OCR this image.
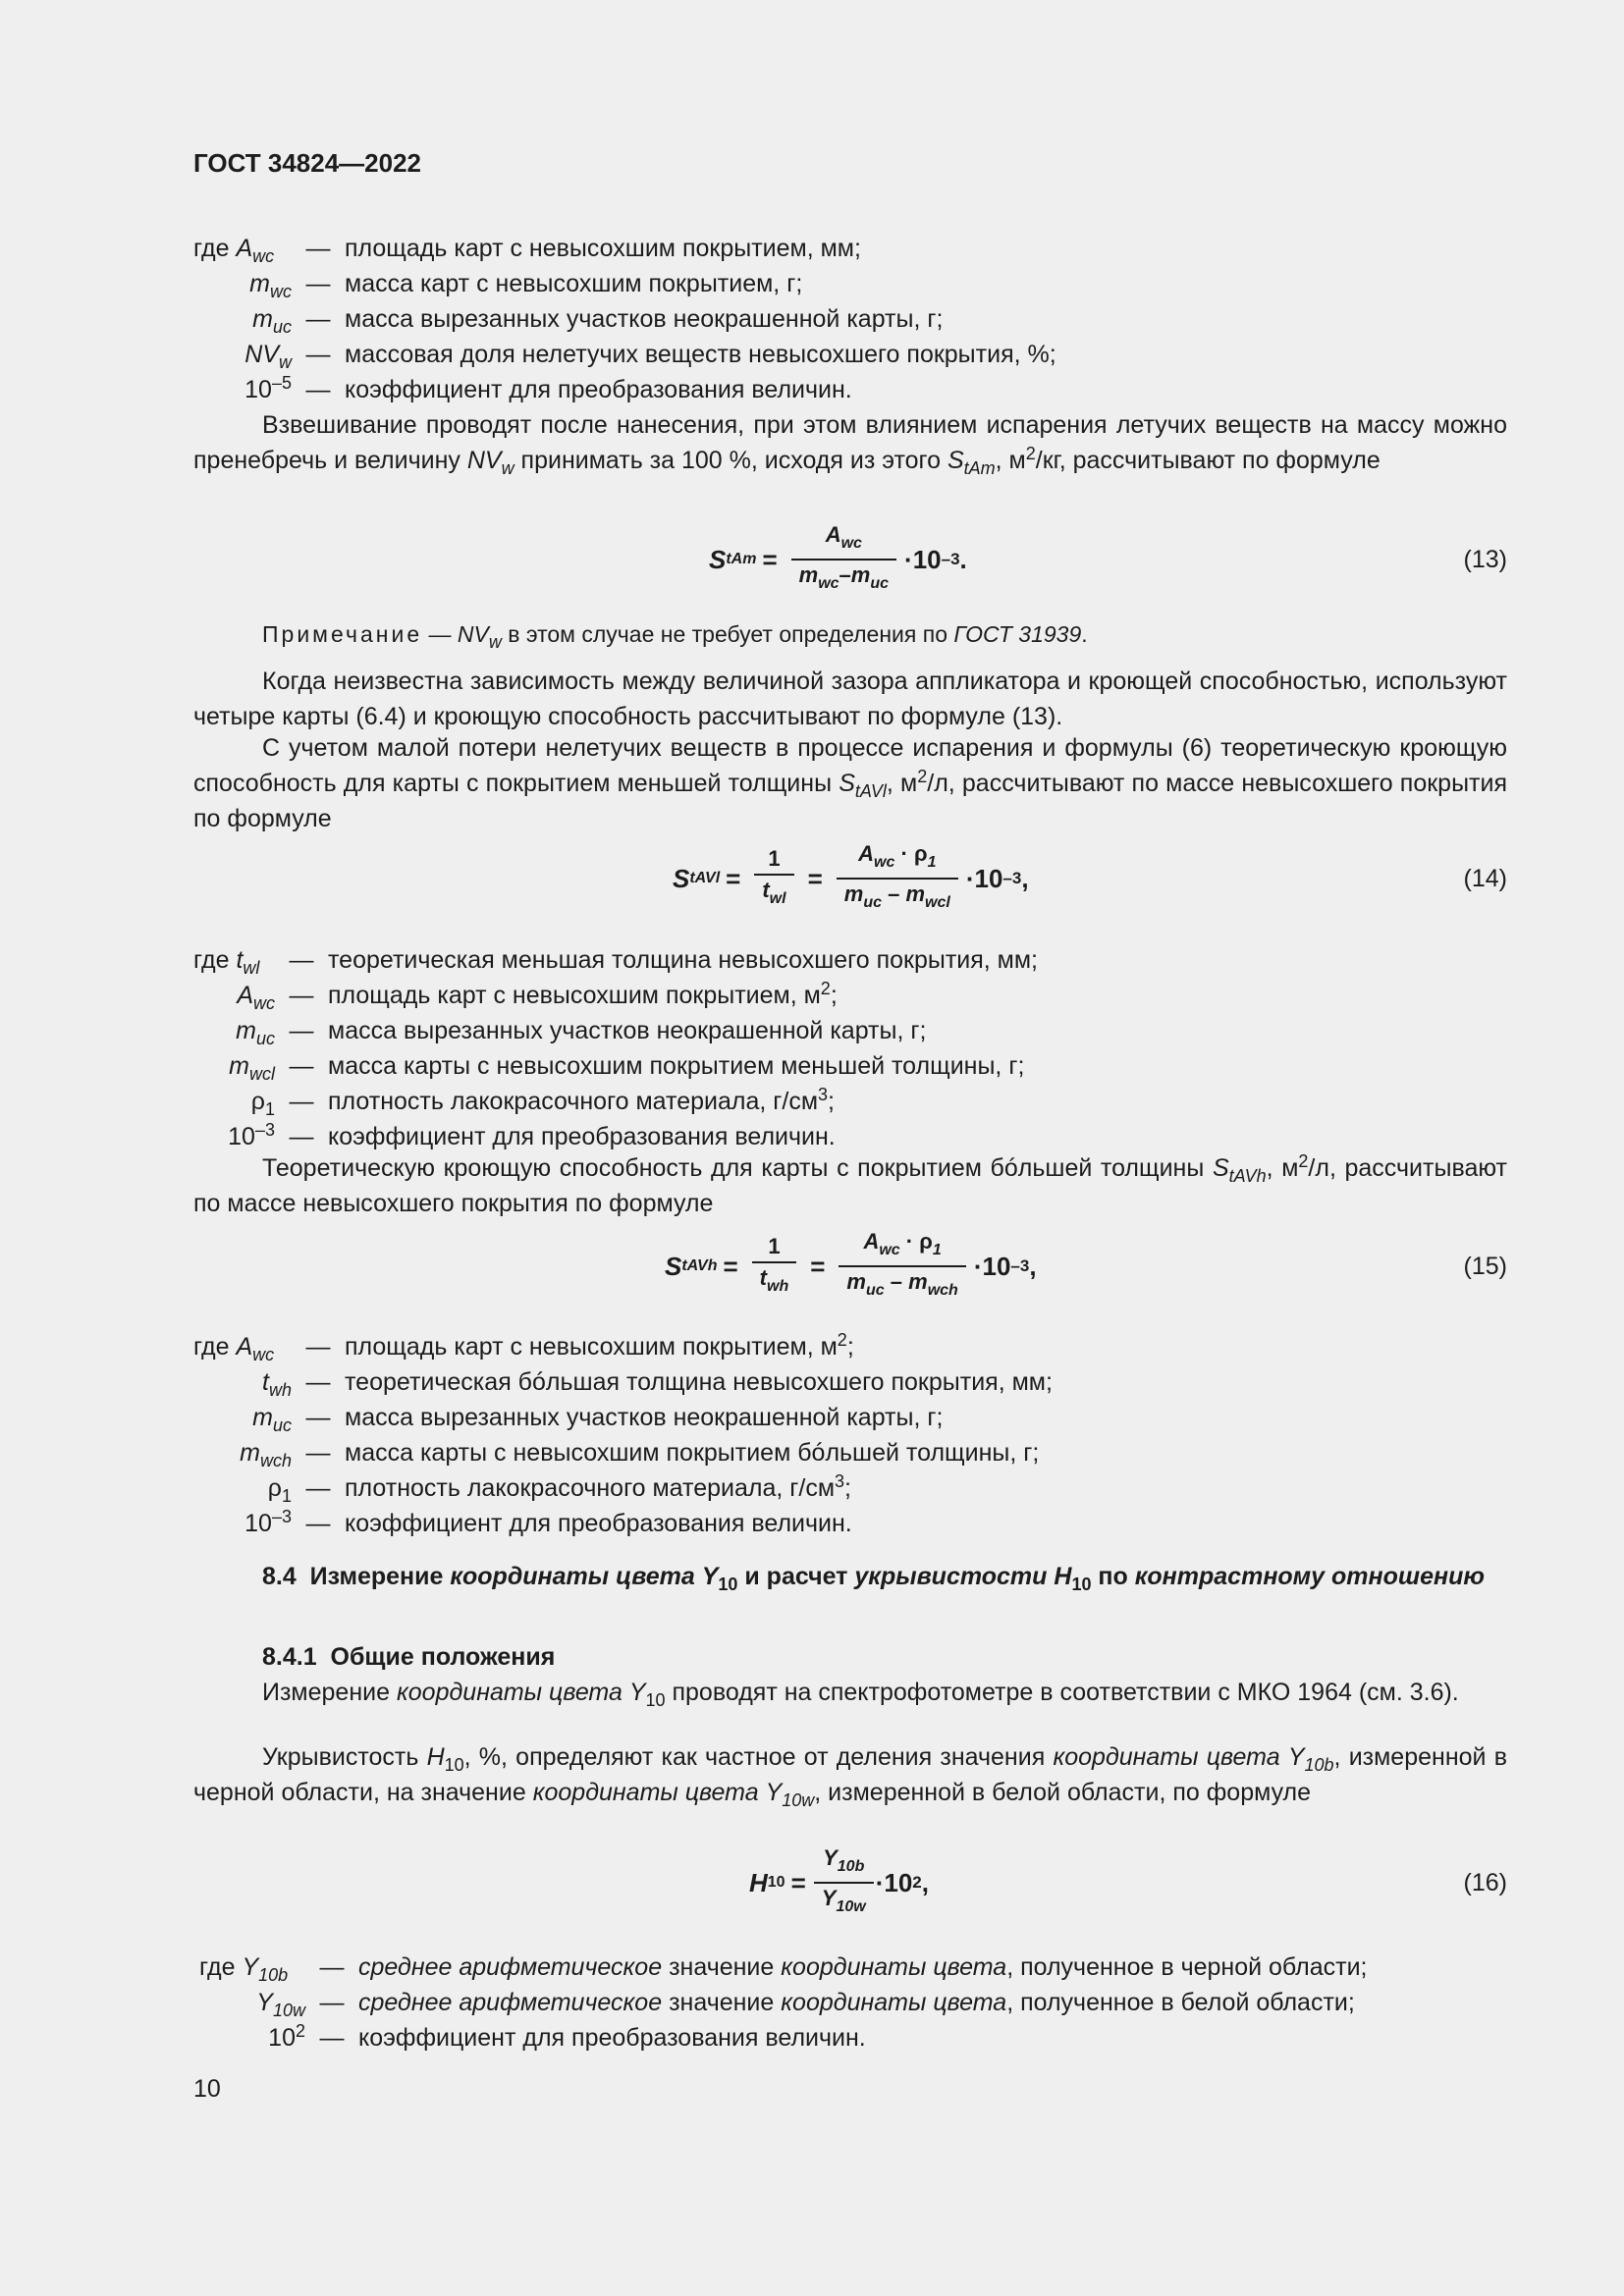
ГОСТ 34824—2022
где $A_{wc}$	— площадь карт с невысохшим покрытием, мм;
$m_{wc}$ — масса карт с невысохшим покрытием, г;
$m_{uc}$ — масса вырезанных участков неокрашенной карты, г;
$NV_w$ — массовая доля нелетучих веществ невысохшего покрытия, %;
$10^{-5}$ — коэффициент для преобразования величин.
Взвешивание проводят после нанесения, при этом влиянием испарения летучих веществ на массу можно пренебречь и величину $NV_w$ принимать за 100 %, исходя из этого $S_{tAm}$, $м^2/кг$, рассчитывают по формуле
S tAm = $\frac{A_{wc}}{m_{wc}-m_{uc}} \cdot 10$ –3 .	(13)
Примечание — $NV_w$ в этом случае не требует определения по ГОСТ 31939.
Когда неизвестна зависимость между величиной зазора аппликатора и кроющей способностью, используют четыре карты (6.4) и кроющую способность рассчитывают по формуле (13).
С учетом малой потери нелетучих веществ в процессе испарения и формулы (6) теоретическую кроющую способность для карты с покрытием меньшей толщины $S_{tAVl}$, $м^2/л$, рассчитывают по массе невысохшего покрытия по формуле
S tAVl = $\frac{1}{t_{wl}} = \frac{A_{wc} \cdot \rho_1}{m_{uc} - m_{wcl}} \cdot 10$ –3 ,	(14)
где $t_{wl}$	— теоретическая меньшая толщина невысохшего покрытия, мм;
$A_{wc}$ — площадь карт с невысохшим покрытием, $м^2$;
$m_{uc}$ — масса вырезанных участков неокрашенной карты, г;
$m_{wcl}$ — масса карты с невысохшим покрытием меньшей толщины, г;
$\rho_1$ — плотность лакокрасочного материала, $г/см^3$;
$10^{-3}$ — коэффициент для преобразования величин.
Теоретическую кроющую способность для карты с покрытием бóльшей толщины $S_{tAVh}$, $м^2/л$, рассчитывают по массе невысохшего покрытия по формуле
S tAVh = $\frac{1}{t_{wh}} = \frac{A_{wc} \cdot \rho_1}{m_{uc} - m_{wch}} \cdot 10$ –3 ,	(15)
где $A_{wc}$	— площадь карт с невысохшим покрытием, $м^2$;
$t_{wh}$ — теоретическая бóльшая толщина невысохшего покрытия, мм;
$m_{uc}$ — масса вырезанных участков неокрашенной карты, г;
$m_{wch}$ — масса карты с невысохшим покрытием бóльшей толщины, г;
$\rho_1$ — плотность лакокрасочного материала, $г/см^3$;
$10^{-3}$ — коэффициент для преобразования величин.
8.4 Измерение координаты цвета $Y_{10}$ и расчет укрывистости $H_{10}$ по контрастному отношению
8.4.1 Общие положения
Измерение координаты цвета $Y_{10}$ проводят на спектрофотометре в соответствии с МКО 1964 (см. 3.6).
Укрывистость $H_{10}$, %, определяют как частное от деления значения координаты цвета $Y_{10b}$, измеренной в черной области, на значение координаты цвета $Y_{10w}$, измеренной в белой области, по формуле
H $10 = \frac{Y_{10b}}{Y_{10w}} \cdot 10$ 2 ,	(16)
где $Y_{10b}$	— среднее арифметическое значение координаты цвета, полученное в черной области;
$Y_{10w}$ — среднее арифметическое значение координаты цвета, полученное в белой области;
$10^2$ — коэффициент для преобразования величин.
10
